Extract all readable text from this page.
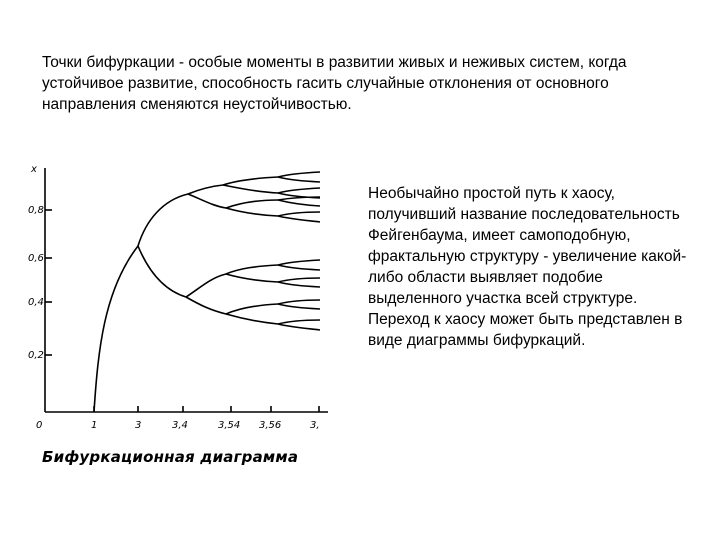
Точки бифуркации - особые моменты в развитии живых и неживых систем, когда устойчивое развитие, способность гасить случайные отклонения от основного направления сменяются неустойчивостью.
x
0,8
0,6
0,4
0,2
0	1	3	3,4	3,54 3,56	3,
Бифуркационная диаграмма
Необычайно простой путь к хаосу, получивший название последовательность Фейгенбаума, имеет самоподобную, фрактальную структуру - увеличение какой-либо области выявляет подобие выделенного участка всей структуре. Переход к хаосу может быть представлен в виде диаграммы бифуркаций.
